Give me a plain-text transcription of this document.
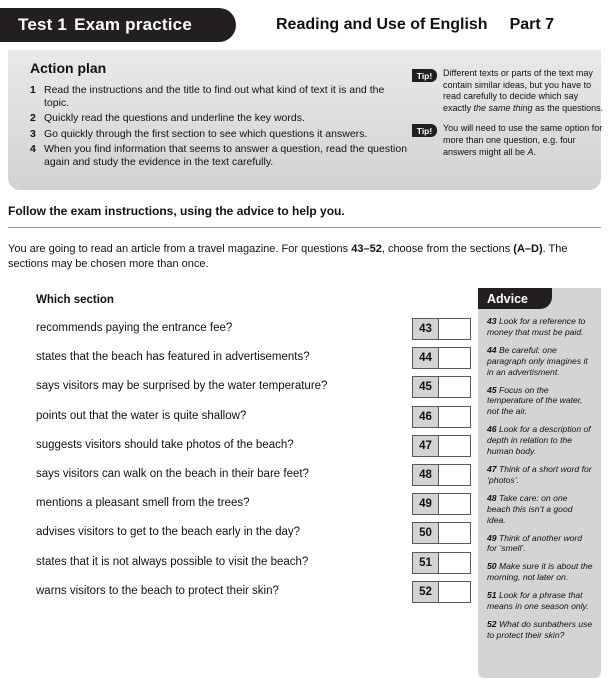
Test 1 Exam practice	Reading and Use of English Part 7
Action plan
1 Read the instructions and the title to find out what kind of text it is and the topic.
2 Quickly read the questions and underline the key words.
3 Go quickly through the first section to see which questions it answers.
4 When you find information that seems to answer a question, read the question again and study the evidence in the text carefully.
Tip!	Different texts or parts of the text may contain similar ideas, but you have to read carefully to decide which say exactly the same thing as the questions.
Tip!	You will need to use the same option for more than one question, e.g. four answers might all be A.
Follow the exam instructions, using the advice to help you.
You are going to read an article from a travel magazine. For questions 43–52, choose from the sections (A–D). The sections may be chosen more than once.
Which section
recommends paying the entrance fee?	43
states that the beach has featured in advertisements?	44
says visitors may be surprised by the water temperature?	45
points out that the water is quite shallow?	46
suggests visitors should take photos of the beach?	47
says visitors can walk on the beach in their bare feet?	48
mentions a pleasant smell from the trees?	49
advises visitors to get to the beach early in the day?	50
states that it is not always possible to visit the beach?	51
warns visitors to the beach to protect their skin?	52
Advice
43 Look for a reference to money that must be paid.
44 Be careful: one paragraph only imagines it in an advertisment.
45 Focus on the temperature of the water, not the air.
46 Look for a description of depth in relation to the human body.
47 Think of a short word for ‘photos’.
48 Take care: on one beach this isn’t a good idea.
49 Think of another word for ‘smell’.
50 Make sure it is about the morning, not later on.
51 Look for a phrase that means in one season only.
52 What do sunbathers use to protect their skin?
